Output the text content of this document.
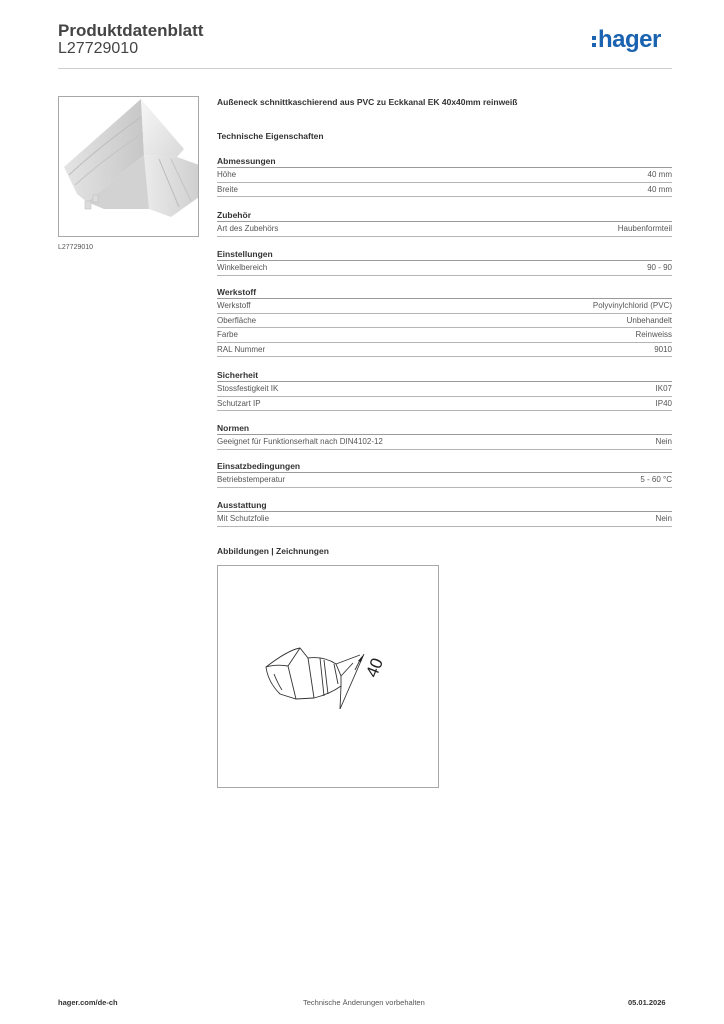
Produktdatenblatt
L27729010	hager
L27729010
Außeneck schnittkaschierend aus PVC zu Eckkanal EK 40x40mm reinweiß
Technische Eigenschaften
Abmessungen
Höhe	40 mm
Breite	40 mm
Zubehör
Art des Zubehörs	Haubenformteil
Einstellungen
Winkelbereich	90 - 90
Werkstoff
Werkstoff	Polyvinylchlorid (PVC)
Oberfläche	Unbehandelt
Farbe	Reinweiss
RAL Nummer	9010
Sicherheit
Stossfestigkeit IK	IK07
Schutzart IP	IP40
Normen
Geeignet für Funktionserhalt nach DIN4102-12	Nein
Einsatzbedingungen
Betriebstemperatur	5 - 60 °C
Ausstattung
Mit Schutzfolie	Nein
Abbildungen | Zeichnungen
40
hager.com/de-ch	Technische Änderungen vorbehalten	05.01.2026
